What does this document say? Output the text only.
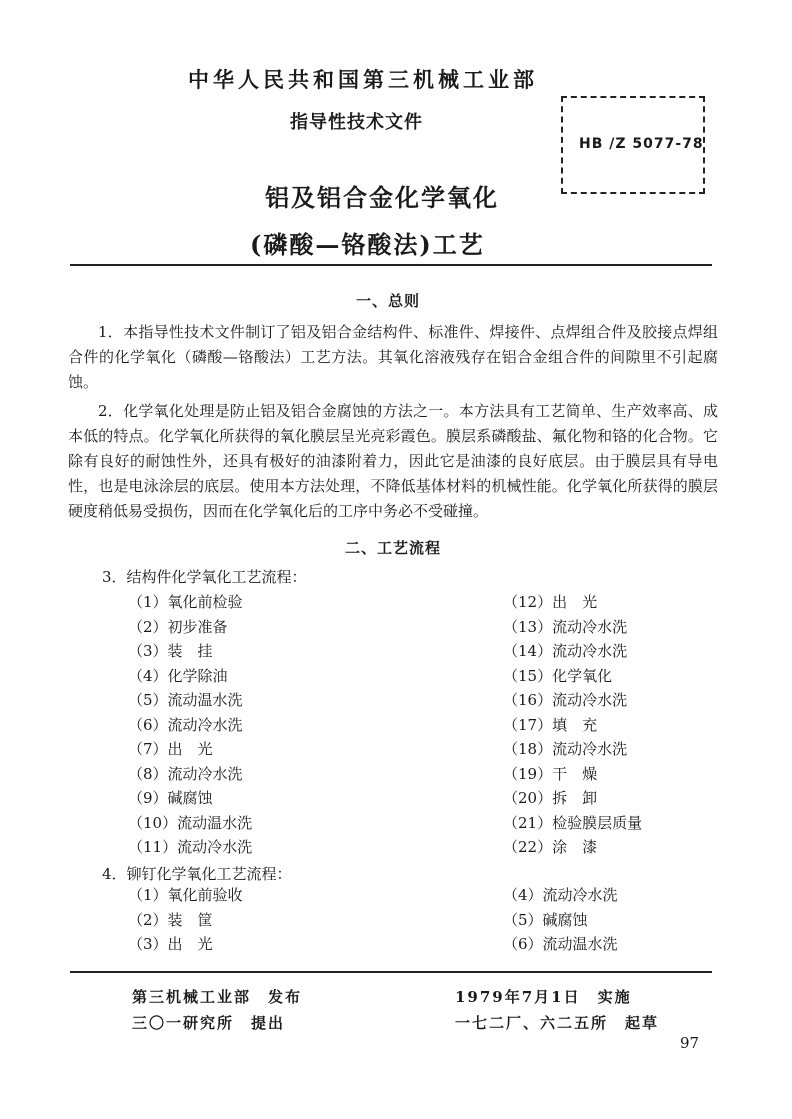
中华人民共和国第三机械工业部
指导性技术文件
HB /Z 5077-78
铝及铝合金化学氧化
(磷酸—铬酸法)工艺
一、总则

1．本指导性技术文件制订了铝及铝合金结构件、标准件、焊接件、点焊组合件及胶接点焊组合件的化学氧化（磷酸—铬酸法）工艺方法。其氧化溶液残存在铝合金组合件的间隙里不引起腐蚀。

2．化学氧化处理是防止铝及铝合金腐蚀的方法之一。本方法具有工艺简单、生产效率高、成本低的特点。化学氧化所获得的氧化膜层呈光亮彩霞色。膜层系磷酸盐、氟化物和铬的化合物。它除有良好的耐蚀性外，还具有极好的油漆附着力，因此它是油漆的良好底层。由于膜层具有导电性，也是电泳涂层的底层。使用本方法处理，不降低基体材料的机械性能。化学氧化所获得的膜层硬度稍低易受损伤，因而在化学氧化后的工序中务必不受碰撞。

二、工艺流程
3．结构件化学氧化工艺流程：
（1）氧化前检验
（2）初步准备
（3）装　挂
（4）化学除油
（5）流动温水洗
（6）流动冷水洗
（7）出　光
（8）流动冷水洗
（9）碱腐蚀
（10）流动温水洗
（11）流动冷水洗
（12）出　光
（13）流动冷水洗
（14）流动冷水洗
（15）化学氧化
（16）流动冷水洗
（17）填　充
（18）流动冷水洗
（19）干　燥
（20）拆　卸
（21）检验膜层质量
（22）涂　漆
4．铆钉化学氧化工艺流程：
（1）氧化前验收
（2）装　筐
（3）出　光
（4）流动冷水洗
（5）碱腐蚀
（6）流动温水洗
第三机械工业部　发布
三〇一研究所　提出
1979年7月1日　实施
一七二厂、六二五所　起草
97
